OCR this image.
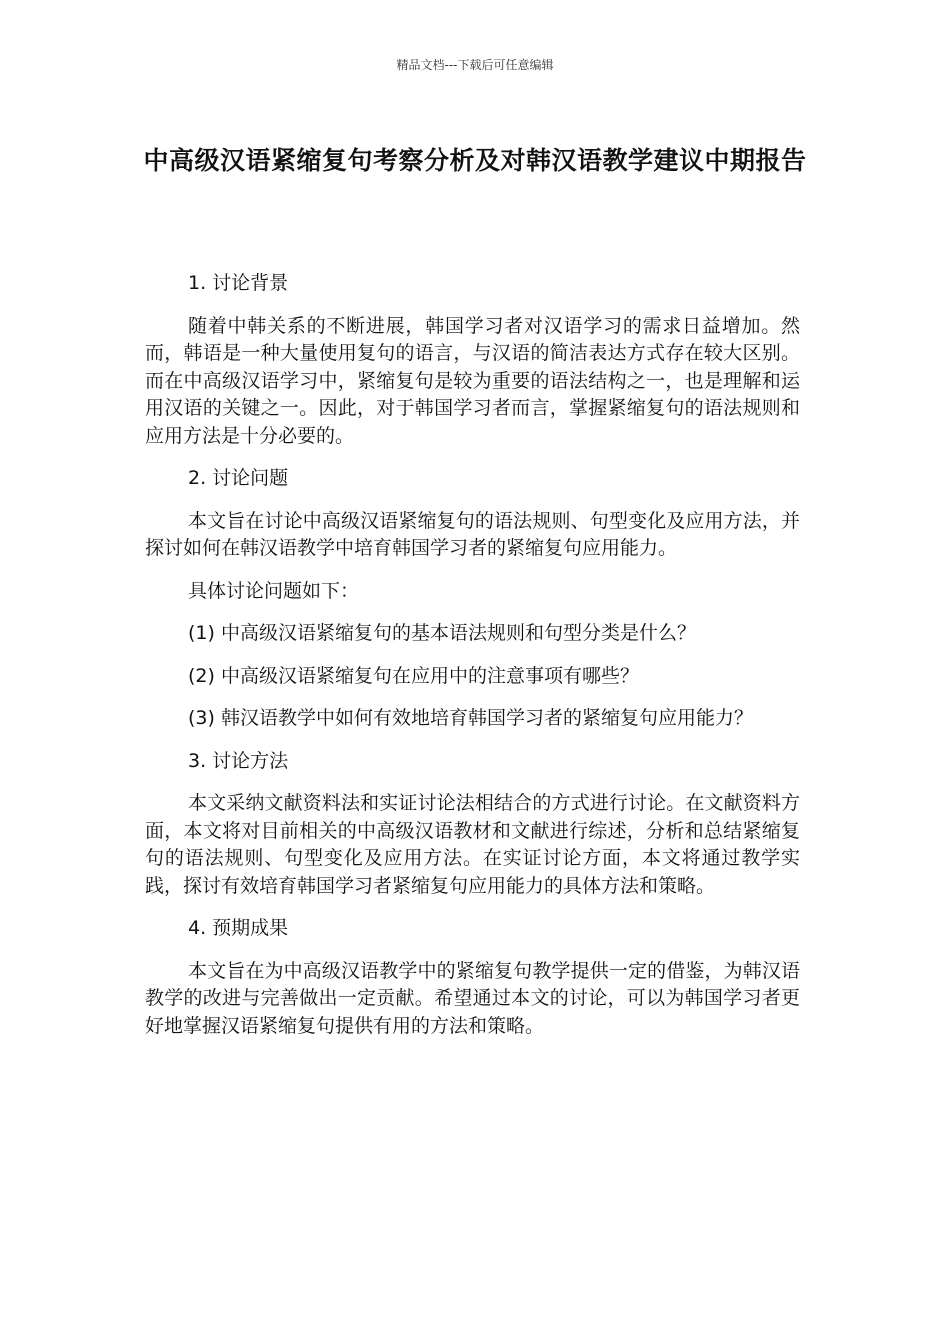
精品文档---下载后可任意编辑
中高级汉语紧缩复句考察分析及对韩汉语教学建议中期报告

1. 讨论背景

随着中韩关系的不断进展，韩国学习者对汉语学习的需求日益增加。然而，韩语是一种大量使用复句的语言，与汉语的简洁表达方式存在较大区别。而在中高级汉语学习中，紧缩复句是较为重要的语法结构之一，也是理解和运用汉语的关键之一。因此，对于韩国学习者而言，掌握紧缩复句的语法规则和应用方法是十分必要的。

2. 讨论问题

本文旨在讨论中高级汉语紧缩复句的语法规则、句型变化及应用方法，并探讨如何在韩汉语教学中培育韩国学习者的紧缩复句应用能力。

具体讨论问题如下：

(1) 中高级汉语紧缩复句的基本语法规则和句型分类是什么？

(2) 中高级汉语紧缩复句在应用中的注意事项有哪些？

(3) 韩汉语教学中如何有效地培育韩国学习者的紧缩复句应用能力？

3. 讨论方法

本文采纳文献资料法和实证讨论法相结合的方式进行讨论。在文献资料方面，本文将对目前相关的中高级汉语教材和文献进行综述，分析和总结紧缩复句的语法规则、句型变化及应用方法。在实证讨论方面，本文将通过教学实践，探讨有效培育韩国学习者紧缩复句应用能力的具体方法和策略。

4. 预期成果

本文旨在为中高级汉语教学中的紧缩复句教学提供一定的借鉴，为韩汉语教学的改进与完善做出一定贡献。希望通过本文的讨论，可以为韩国学习者更好地掌握汉语紧缩复句提供有用的方法和策略。
